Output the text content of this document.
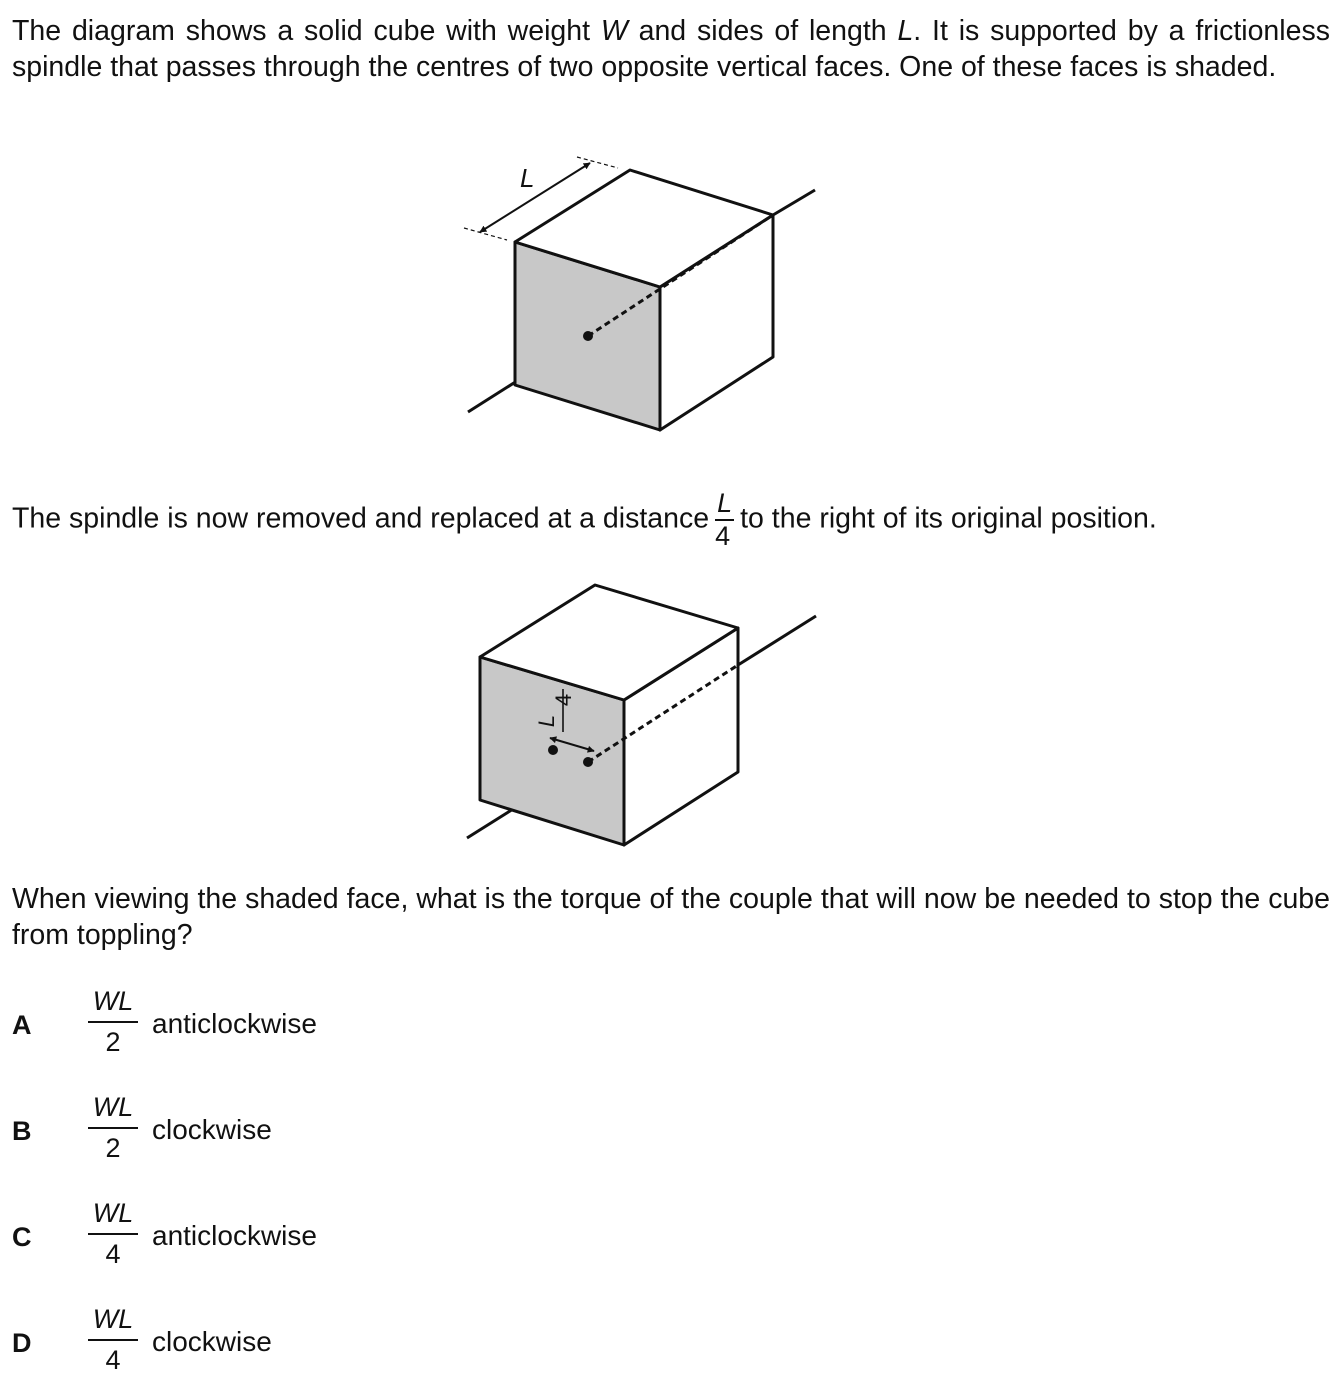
The diagram shows a solid cube with weight W and sides of length L. It is supported by a frictionless spindle that passes through the centres of two opposite vertical faces. One of these faces is shaded.

L

The spindle is now removed and replaced at a distance $\frac{L}{4}$ to the right of its original position.

L
4

When viewing the shaded face, what is the torque of the couple that will now be needed to stop the cube from toppling?

A $\frac{WL}{2}$ anticlockwise
B $\frac{WL}{2}$ clockwise
C $\frac{WL}{4}$ anticlockwise
D $\frac{WL}{4}$ clockwise
